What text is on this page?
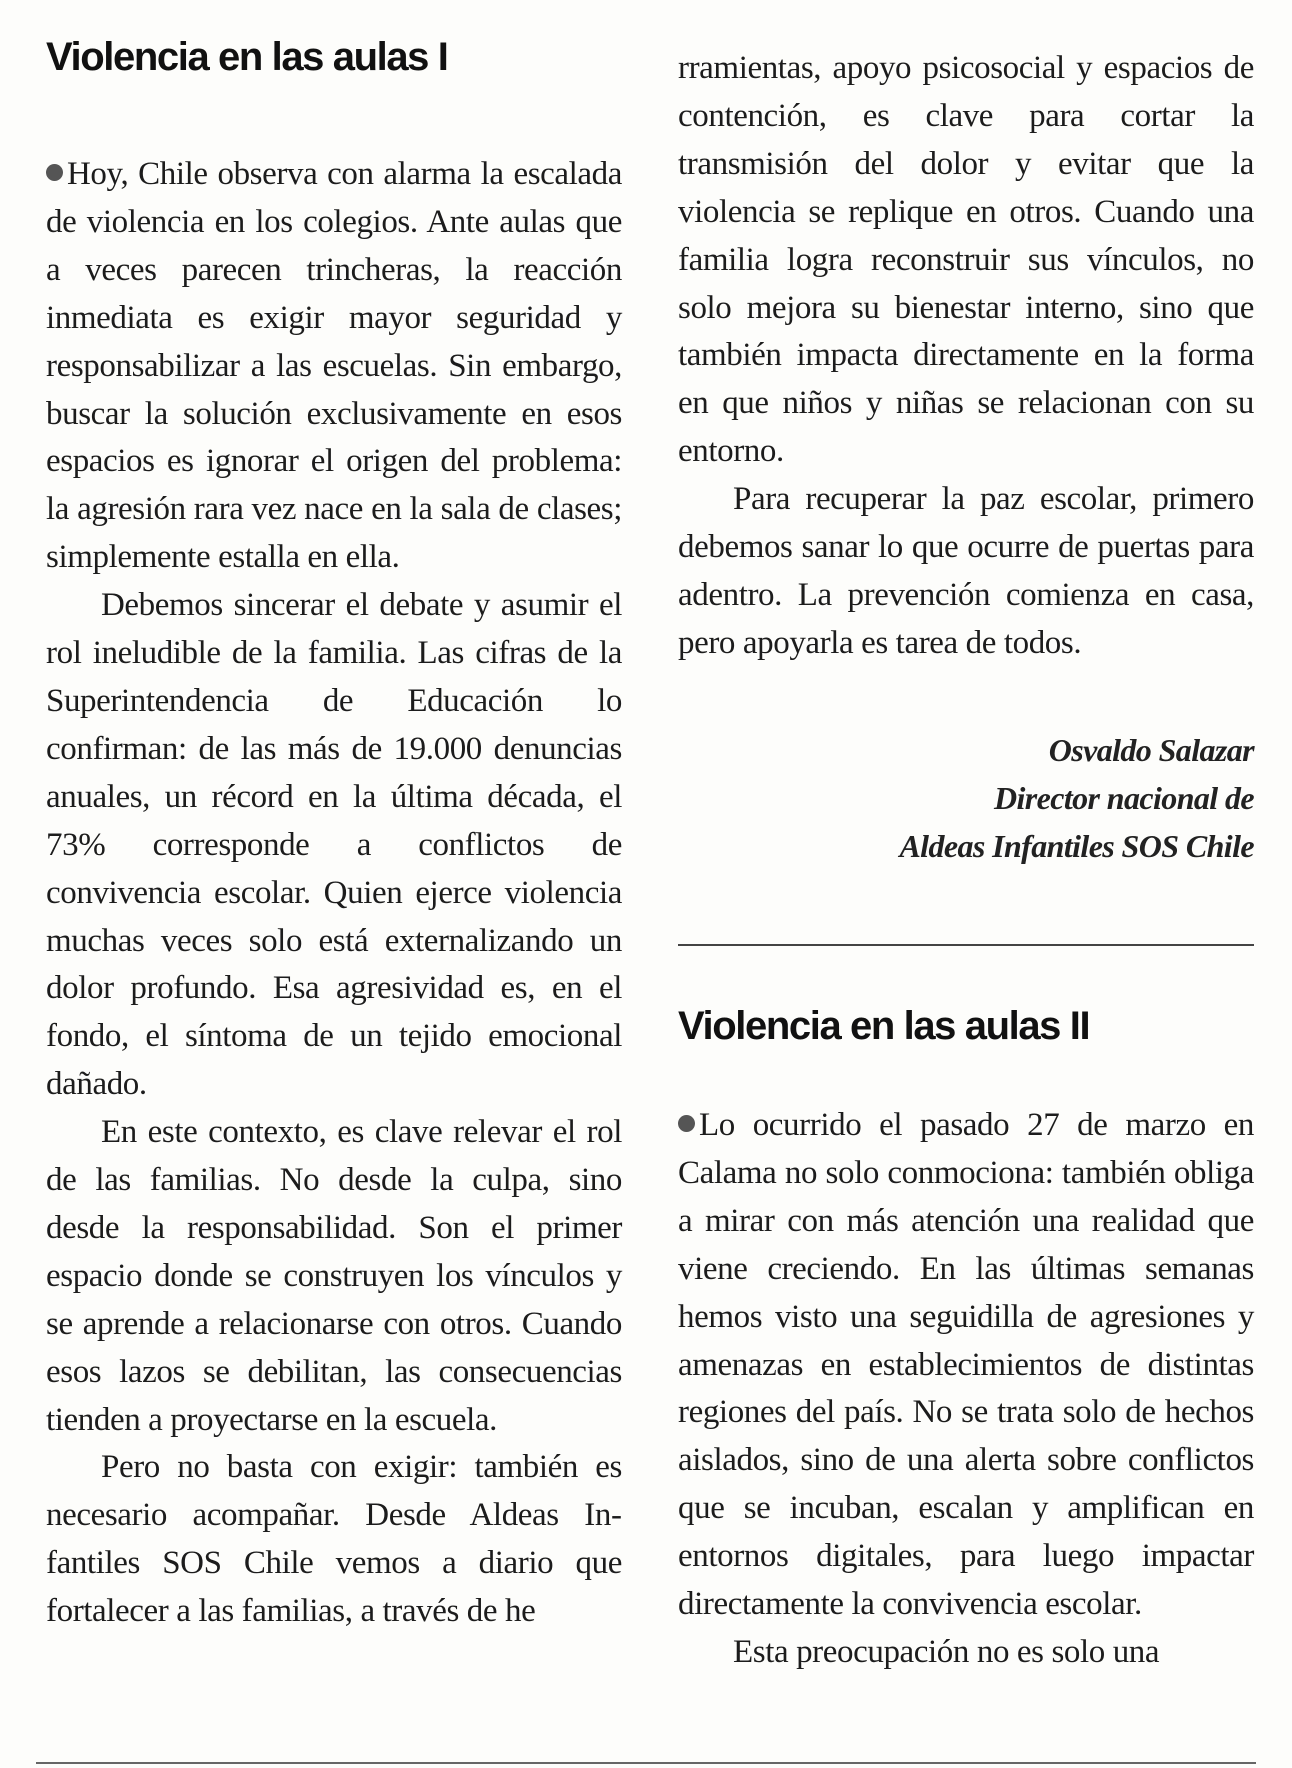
Violencia en las aulas I

Hoy, Chile observa con alarma la escalada de violencia en los colegios. Ante aulas que a veces parecen trincheras, la reacción inmediata es exigir mayor seguridad y responsabilizar a las escuelas. Sin embargo, buscar la solución exclusivamente en esos espacios es ignorar el origen del problema: la agresión rara vez nace en la sala de clases; simplemente estalla en ella.

Debemos sincerar el debate y asumir el rol ineludible de la familia. Las cifras de la Superintendencia de Educación lo confirman: de las más de 19.000 denuncias anuales, un récord en la última década, el 73% corresponde a conflictos de convivencia escolar. Quien ejerce violencia muchas veces solo está externalizando un dolor profundo. Esa agresividad es, en el fondo, el síntoma de un tejido emocional dañado.

En este contexto, es clave relevar el rol de las familias. No desde la culpa, sino desde la responsabilidad. Son el primer espacio donde se construyen los vínculos y se aprende a relacionarse con otros. Cuando esos lazos se debilitan, las consecuencias tienden a proyectarse en la escuela.

Pero no basta con exigir: también es necesario acompañar. Desde Aldeas Infantiles SOS Chile vemos a diario que fortalecer a las familias, a través de he

rramientas, apoyo psicosocial y espacios de contención, es clave para cortar la transmisión del dolor y evitar que la violencia se replique en otros. Cuando una familia logra reconstruir sus vínculos, no solo mejora su bienestar interno, sino que también impacta directamente en la forma en que niños y niñas se relacionan con su entorno.

Para recuperar la paz escolar, primero debemos sanar lo que ocurre de puertas para adentro. La prevención comienza en casa, pero apoyarla es tarea de todos.

Osvaldo Salazar
Director nacional de
Aldeas Infantiles SOS Chile
Violencia en las aulas II

Lo ocurrido el pasado 27 de marzo en Calama no solo conmociona: también obliga a mirar con más atención una realidad que viene creciendo. En las últimas semanas hemos visto una seguidilla de agresiones y amenazas en establecimientos de distintas regiones del país. No se trata solo de hechos aislados, sino de una alerta sobre conflictos que se incuban, escalan y amplifican en entornos digitales, para luego impactar directamente la convivencia escolar.

Esta preocupación no es solo una
